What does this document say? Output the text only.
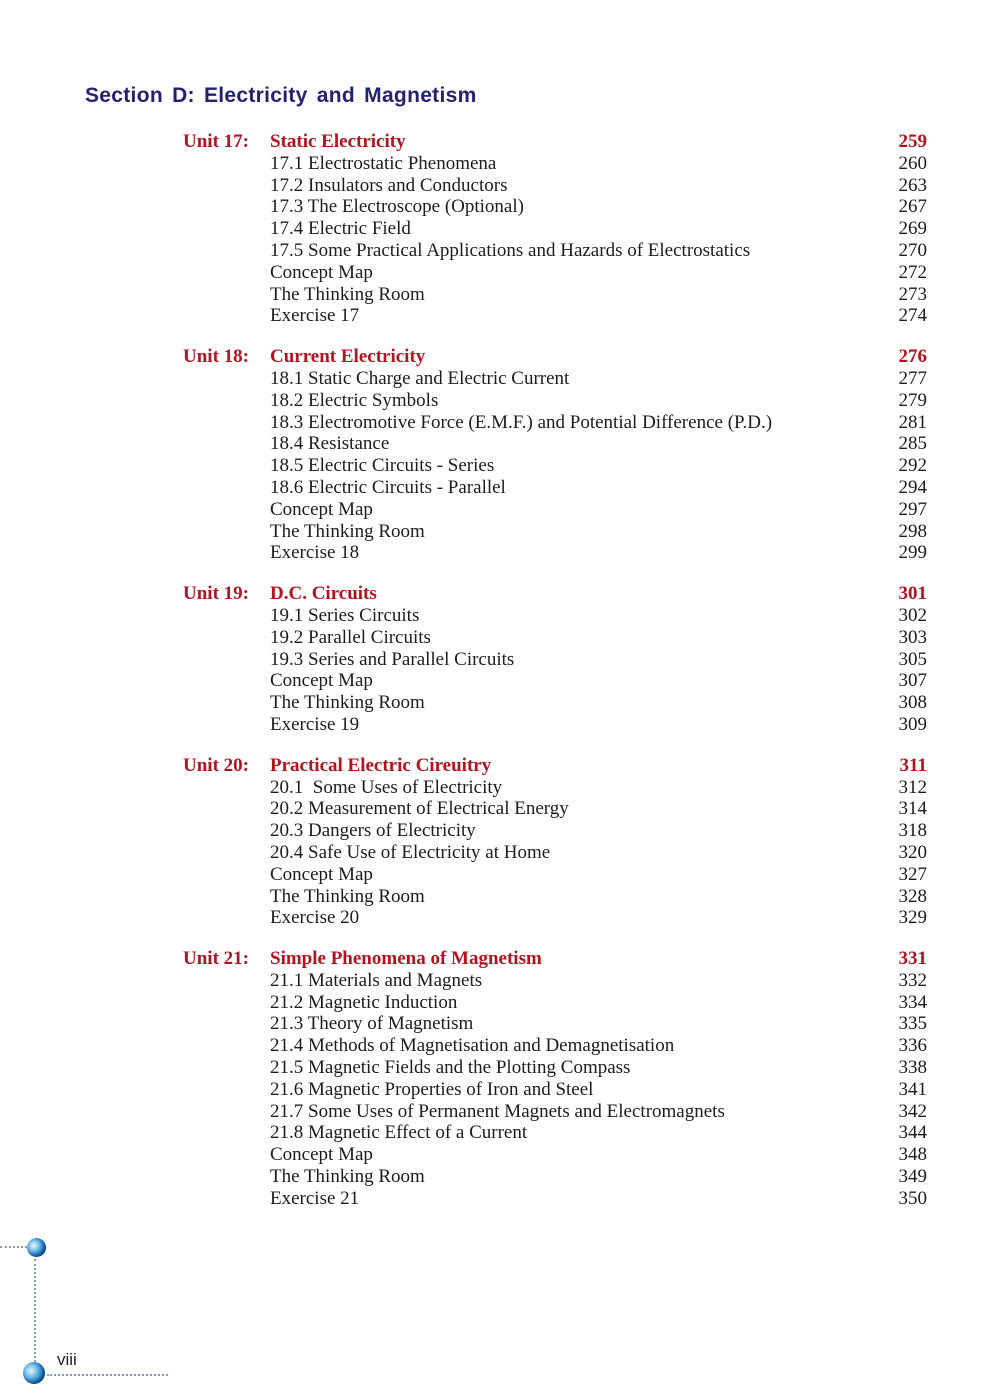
Section D: Electricity and Magnetism
Unit 17:	Static Electricity	259
17.1 Electrostatic Phenomena	260
17.2 Insulators and Conductors	263
17.3 The Electroscope (Optional)	267
17.4 Electric Field	269
17.5 Some Practical Applications and Hazards of Electrostatics	270
Concept Map	272
The Thinking Room	273
Exercise 17	274
Unit 18:	Current Electricity	276
18.1 Static Charge and Electric Current	277
18.2 Electric Symbols	279
18.3 Electromotive Force (E.M.F.) and Potential Difference (P.D.)	281
18.4 Resistance	285
18.5 Electric Circuits - Series	292
18.6 Electric Circuits - Parallel	294
Concept Map	297
The Thinking Room	298
Exercise 18	299
Unit 19:	D.C. Circuits	301
19.1 Series Circuits	302
19.2 Parallel Circuits	303
19.3 Series and Parallel Circuits	305
Concept Map	307
The Thinking Room	308
Exercise 19	309
Unit 20:	Practical Electric Cireuitry	311
20.1  Some Uses of Electricity	312
20.2 Measurement of Electrical Energy	314
20.3 Dangers of Electricity	318
20.4 Safe Use of Electricity at Home	320
Concept Map	327
The Thinking Room	328
Exercise 20	329
Unit 21:	Simple Phenomena of Magnetism	331
21.1 Materials and Magnets	332
21.2 Magnetic Induction	334
21.3 Theory of Magnetism	335
21.4 Methods of Magnetisation and Demagnetisation	336
21.5 Magnetic Fields and the Plotting Compass	338
21.6 Magnetic Properties of Iron and Steel	341
21.7 Some Uses of Permanent Magnets and Electromagnets	342
21.8 Magnetic Effect of a Current	344
Concept Map	348
The Thinking Room	349
Exercise 21	350
viii
